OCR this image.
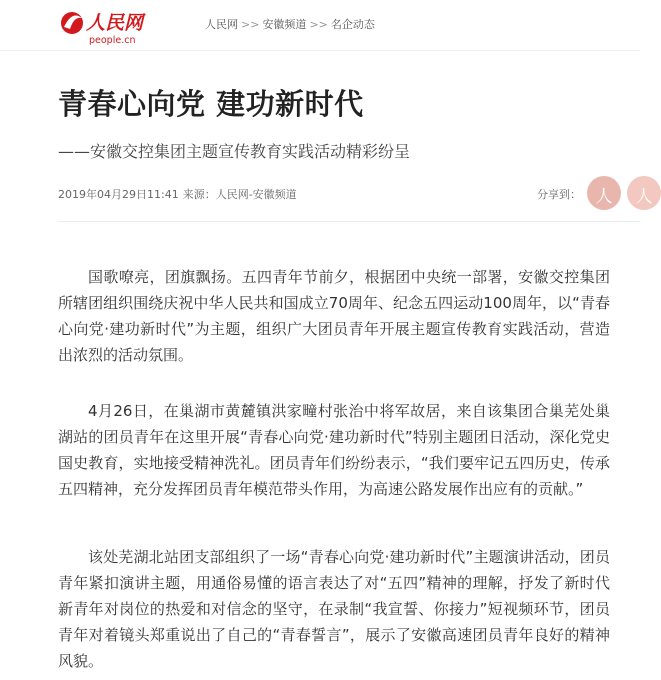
人民网
people.cn
人民网 >> 安徽频道 >> 名企动态
青春心向党 建功新时代
——安徽交控集团主题宣传教育实践活动精彩纷呈
2019年04月29日11:41 来源：人民网-安徽频道	分享到： 人	人

国歌嘹亮，团旗飘扬。五四青年节前夕，根据团中央统一部署，安徽交控集团所辖团组织围绕庆祝中华人民共和国成立70周年、纪念五四运动100周年，以“青春心向党·建功新时代”为主题，组织广大团员青年开展主题宣传教育实践活动，营造出浓烈的活动氛围。

4月26日，在巢湖市黄麓镇洪家疃村张治中将军故居，来自该集团合巢芜处巢湖站的团员青年在这里开展“青春心向党·建功新时代”特别主题团日活动，深化党史国史教育，实地接受精神洗礼。团员青年们纷纷表示，“我们要牢记五四历史，传承五四精神，充分发挥团员青年模范带头作用，为高速公路发展作出应有的贡献。”

该处芜湖北站团支部组织了一场“青春心向党·建功新时代”主题演讲活动，团员青年紧扣演讲主题，用通俗易懂的语言表达了对“五四”精神的理解，抒发了新时代新青年对岗位的热爱和对信念的坚守，在录制“我宣誓、你接力”短视频环节，团员青年对着镜头郑重说出了自己的“青春誓言”，展示了安徽高速团员青年良好的精神风貌。
